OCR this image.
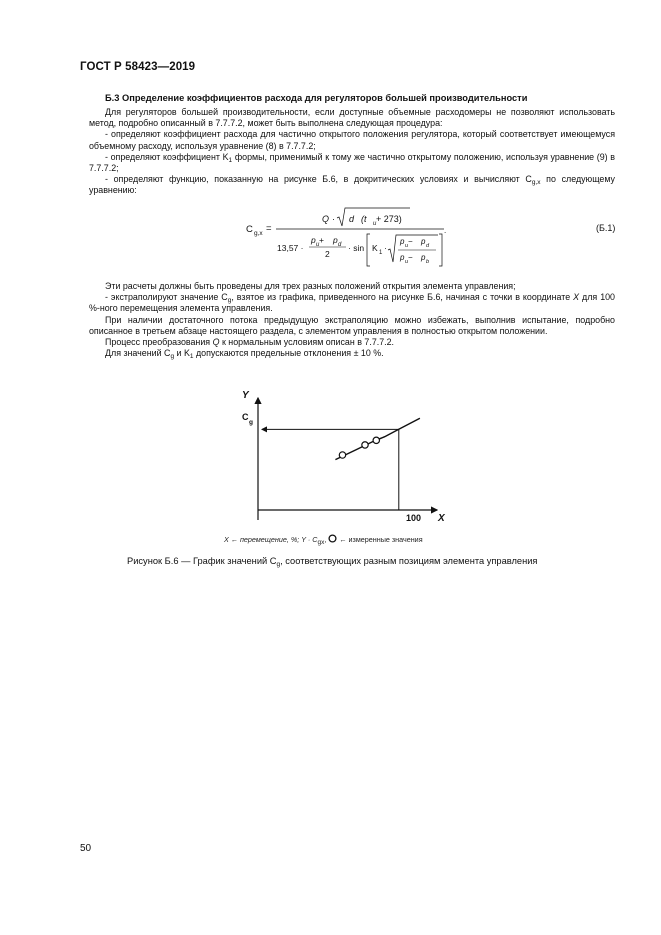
ГОСТ Р 58423—2019
Б.3 Определение коэффициентов расхода для регуляторов большей производительности

Для регуляторов большей производительности, если доступные объемные расходомеры не позволяют использовать метод, подробно описанный в 7.7.7.2, может быть выполнена следующая процедура:

- определяют коэффициент расхода для частично открытого положения регулятора, который соответствует имеющемуся объемному расходу, используя уравнение (8) в 7.7.7.2;

- определяют коэффициент $K_1$ формы, применимый к тому же частично открытому положению, используя уравнение (9) в 7.7.7.2;

- определяют функцию, показанную на рисунке Б.6, в докритических условиях и вычисляют $C_{g,x}$ по следующему уравнению:

C g,x =
Q · d (t u + 273)
.
13,57 ·
p u + p d
2
· sin K 1 ·
p u − p d
p u − p b
(Б.1)

Эти расчеты должны быть проведены для трех разных положений открытия элемента управления;

- экстраполируют значение $C_g$, взятое из графика, приведенного на рисунке Б.6, начиная с точки в координате X для 100 %-ного перемещения элемента управления.

При наличии достаточного потока предыдущую экстраполяцию можно избежать, выполнив испытание, подробно описанное в третьем абзаце настоящего раздела, с элементом управления в полностью открытом положении.

Процесс преобразования Q к нормальным условиям описан в 7.7.7.2.

Для значений $C_g$ и $K_1$ допускаются предельные отклонения ± 10 %.

Y
X
C
g
100
X ← перемещение, %; $Y \cdot C_{gx}$,  ← измеренные значения
Рисунок Б.6 — График значений $C_g$, соответствующих разным позициям элемента управления
50
